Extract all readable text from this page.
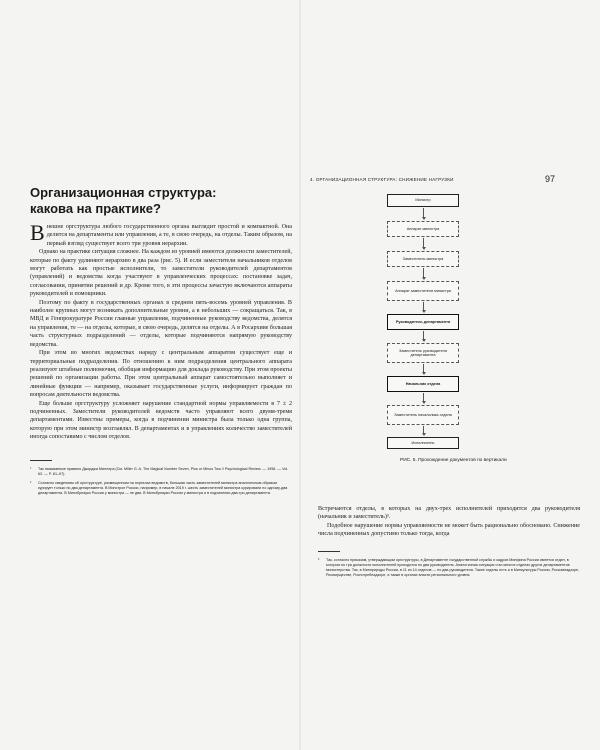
Организационная структура:
какова на практике?

Внешне оргструктура любого государственного органа выглядит простой и компактной. Она делится на департаменты или управления, а те, в свою очередь, на отделы. Таким образом, на первый взгляд существует всего три уровня иерархии.

Однако на практике ситуация сложнее. На каждом из уровней имеются должности заместителей, которые по факту удлиняют иерархию в два раза (рис. 5). И если заместители начальников отделов могут работать как простые исполнители, то заместители руководителей департаментов (управлений) и ведомства когда участвуют в управленческих процессах: постановке задач, согласовании, принятии решений и др. Кроме того, в эти процессы зачастую включаются аппараты руководителей и помощники.

Поэтому по факту в государственных органах в среднем пять-восемь уровней управления. В наиболее крупных могут возникать дополнительные уровни, а в небольших — сокращаться. Так, в МВД и Генпрокуратуре России главные управления, подчиненные руководству ведомства, делятся на управления, те — на отделы, которые, в свою очередь, делятся на отделы. А в Росархиве большая часть структурных подразделений — отделы, которые подчиняются напрямую руководству ведомства.

При этом во многих ведомствах наряду с центральным аппаратом существует еще и территориальные подразделения. По отношению к ним подразделения центрального аппарата реализуют штабные полномочия, обобщая информацию для доклада руководству. При этом проекты решений по организации работы. При этом центральный аппарат самостоятельно выполняет и линейные функции — например, оказывает государственные услуги, информирует граждан по вопросам деятельности ведомства.

Еще больше оргструктуру усложняет нарушение стандартной нормы управляемости в 7 ± 2 подчиненных. Заместители руководителей ведомств часто управляют всего двумя-тремя департаментами. Известны примеры, когда в подчинении министра была только одна группа, которую при этом министр возглавлял. В департаментах и в управлениях количество заместителей иногда сопоставимо с числом отделов.

¹	Так называемое правило Джорджа Миллера (См. Miller G. A. The Magical Number Seven, Plus or Minus Two // Psychological Review. — 1956. — Vol. 63. — P. 81–97).
²	Согласно сведениям об оргструктуре, размещенным на порталах ведомств, большая часть заместителей министра аналогичным образом курирует только по два департамента. В Минстрое России, например, в начале 2019 г. шесть заместителей министра курировали по одному-два департамента. В Минобрнауки России у министра — не два. В Минобрнауки России у министра и в подчинении два-три департамента.
4. ОРГАНИЗАЦИОННАЯ СТРУКТУРА: СНИЖЕНИЕ НАГРУЗКИ	97
Министр
Аппарат министра
Заместитель министра
Аппарат заместителя министра
Руководитель департамента
Заместитель руководителя департамента
Начальник отдела
Заместитель начальника отдела
Исполнитель
РИС. 5. Прохождение документов по вертикали

Встречаются отделы, в которых на двух-трех исполнителей приходится два руководителя (начальник и заместитель)³.

Подобное нарушение нормы управляемости не может быть рационально обосновано. Снижение числа подчиненных допустимо только тогда, когда

³	Так, согласно приказам, утверждающим оргструктуры, в Департаменте государственной службы и кадров Минфина России имеется отдел, в котором по три должности исполнителей приходится по два руководителя. Аналогичная ситуация и во многих отделах других департаментов министерства. Так, в Минприроды России, в 11 из 14 отделов — по два руководителя. Такие отделы есть и в Минкультуры России, Роскомнадзоре, Росимуществе, Роспотребнадзоре, а также в органах власти регионального уровня.
